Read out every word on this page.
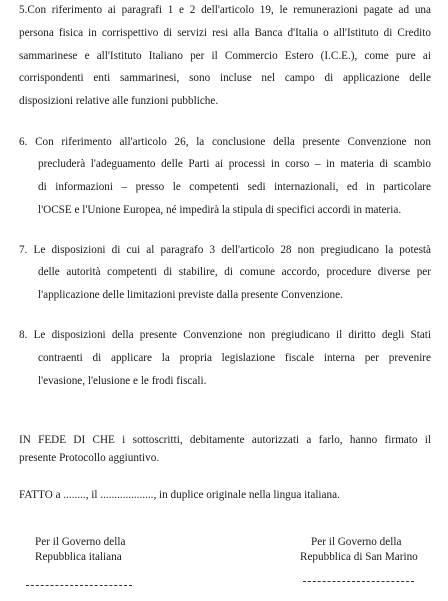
5.Con riferimento ai paragrafi 1 e 2 dell'articolo 19, le remunerazioni pagate ad una
persona fisica in corrispettivo di servizi resi alla Banca d'Italia o all'Istituto di Credito
sammarinese e all'Istituto Italiano per il Commercio Estero (I.C.E.), come pure ai
corrispondenti enti sammarinesi, sono incluse nel campo di applicazione delle
disposizioni relative alle funzioni pubbliche.
6. Con riferimento all'articolo 26, la conclusione della presente Convenzione non
precluderà l'adeguamento delle Parti ai processi in corso – in materia di scambio
di informazioni – presso le competenti sedi internazionali, ed in particolare
l'OCSE e l'Unione Europea, né impedirà la stipula di specifici accordi in materia.
7. Le disposizioni di cui al paragrafo 3 dell'articolo 28 non pregiudicano la potestà
delle autorità competenti di stabilire, di comune accordo, procedure diverse per
l'applicazione delle limitazioni previste dalla presente Convenzione.
8. Le disposizioni della presente Convenzione non pregiudicano il diritto degli Stati
contraenti di applicare la propria legislazione fiscale interna per prevenire
l'evasione, l'elusione e le frodi fiscali.
IN FEDE DI CHE i sottoscritti, debitamente autorizzati a farlo, hanno firmato il
presente Protocollo aggiuntivo.
FATTO a ........, il ..................., in duplice originale nella lingua italiana.
Per il Governo della
Repubblica italiana
Per il Governo della
Repubblica di San Marino
